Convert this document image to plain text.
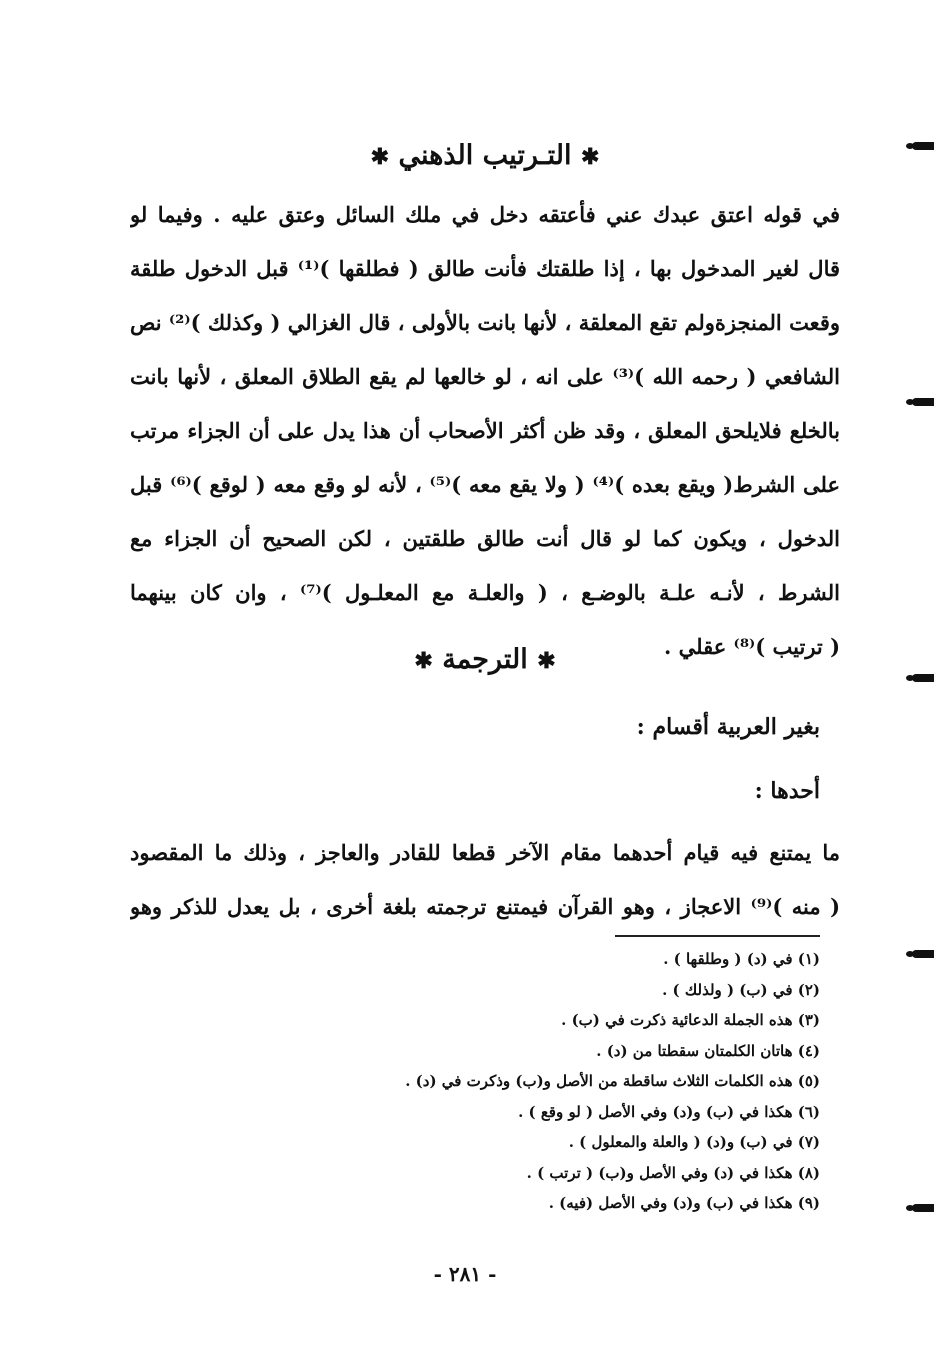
✱ التـرتيب الذهني ✱
في قوله اعتق عبدك عني فأعتقه دخل في ملك السائل وعتق عليه . وفيما لو
قال لغير المدخول بها ، إذا طلقتك فأنت طالق ( فطلقها )⁽¹⁾ قبل الدخول طلقة
وقعت المنجزةولم تقع المعلقة ، لأنها بانت بالأولى ، قال الغزالي ( وكذلك )⁽²⁾ نص
الشافعي ( رحمه الله )⁽³⁾ على انه ، لو خالعها لم يقع الطلاق المعلق ، لأنها بانت
بالخلع فلايلحق المعلق ، وقد ظن أكثر الأصحاب أن هذا يدل على أن الجزاء مرتب
على الشرط( ويقع بعده )⁽⁴⁾ ( ولا يقع معه )⁽⁵⁾ ، لأنه لو وقع معه ( لوقع )⁽⁶⁾ قبل
الدخول ، ويكون كما لو قال أنت طالق طلقتين ، لكن الصحيح أن الجزاء مع
الشرط ، لأنـه علـة بالوضـع ، ( والعلـة مع المعلـول )⁽⁷⁾ ، وان كان بينهما
( ترتيب )⁽⁸⁾ عقلي .
✱ الترجمة ✱
بغير العربية أقسام :
أحدها :
ما يمتنع فيه قيام أحدهما مقام الآخر قطعا للقادر والعاجز ، وذلك ما المقصود
( منه )⁽⁹⁾ الاعجاز ، وهو القرآن فيمتنع ترجمته بلغة أخرى ، بل يعدل للذكر وهو
(١) في (د) ( وطلقها ) .
(٢) في (ب) ( ولذلك ) .
(٣) هذه الجملة الدعائية ذكرت في (ب) .
(٤) هاتان الكلمتان سقطتا من (د) .
(٥) هذه الكلمات الثلاث ساقطة من الأصل و(ب) وذكرت في (د) .
(٦) هكذا في (ب) و(د) وفي الأصل ( لو وقع ) .
(٧) في (ب) و(د) ( والعلة والمعلول ) .
(٨) هكذا في (د) وفي الأصل و(ب) ( ترتب ) .
(٩) هكذا في (ب) و(د) وفي الأصل (فيه) .
- ٢٨١ -
